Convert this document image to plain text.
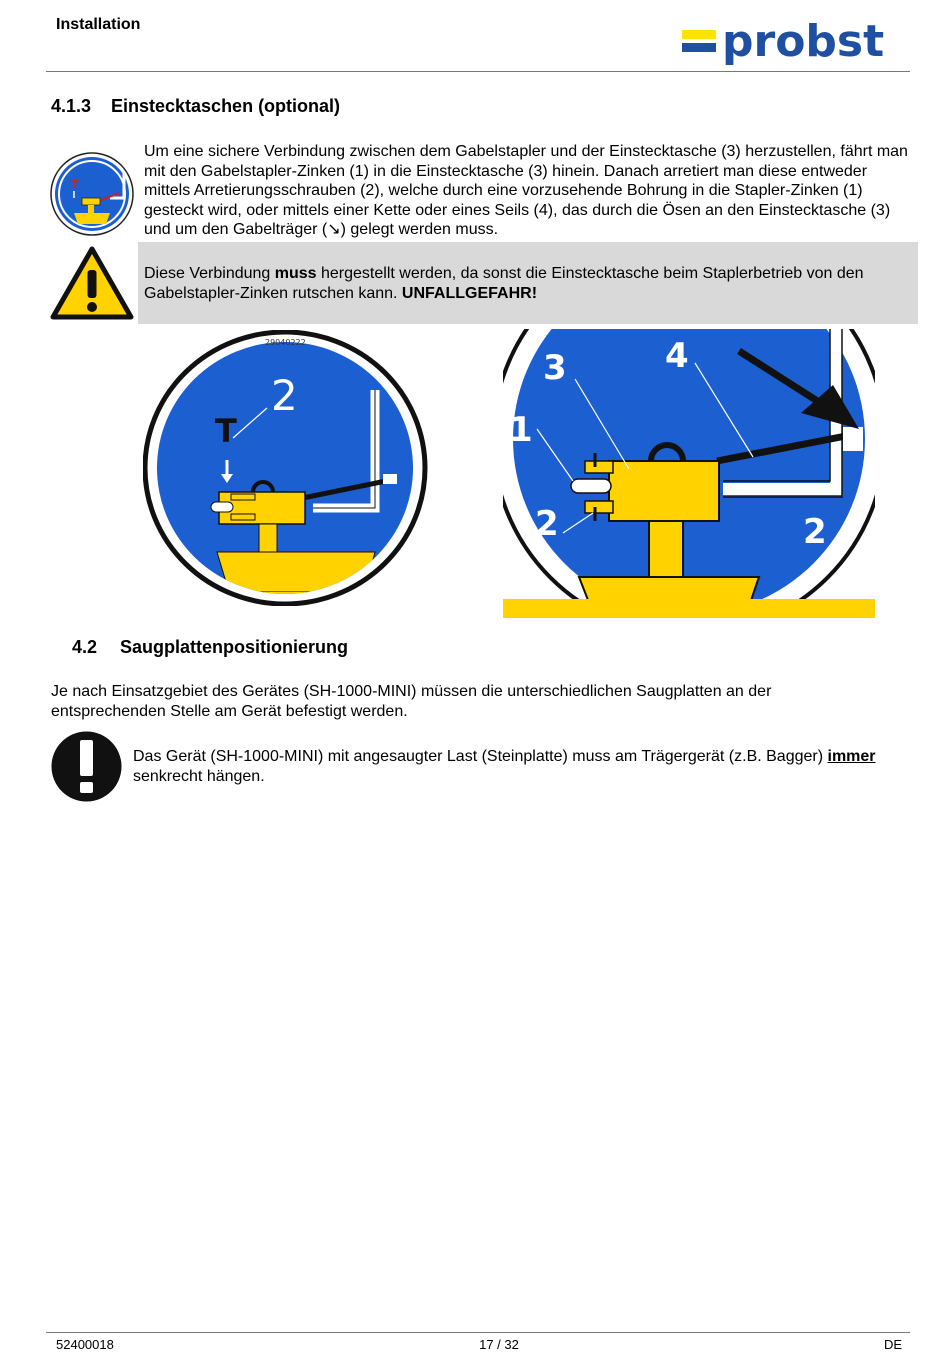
Installation	probst
4.1.3 Einstecktaschen (optional)
T
Um eine sichere Verbindung zwischen dem Gabelstapler und der Einstecktasche (3) herzustellen, fährt man mit den Gabelstapler-Zinken (1) in die Einstecktasche (3) hinein. Danach arretiert man diese entweder mittels Arretierungsschrauben (2), welche durch eine vorzusehende Bohrung in die Stapler-Zinken (1) gesteckt wird, oder mittels einer Kette oder eines Seils (4), das durch die Ösen an den Einstecktasche (3) und um den Gabelträger (↘) gelegt werden muss.
Diese Verbindung muss hergestellt werden, da sonst die Einstecktasche beim Staplerbetrieb von den Gabelstapler-Zinken rutschen kann. UNFALLGEFAHR!
29040222
2
T
3	4
1
2	2
4.2 Saugplattenpositionierung
Je nach Einsatzgebiet des Gerätes (SH-1000-MINI) müssen die unterschiedlichen Saugplatten an der entsprechenden Stelle am Gerät befestigt werden.
Das Gerät (SH-1000-MINI) mit angesaugter Last (Steinplatte) muss am Trägergerät (z.B. Bagger) immer senkrecht hängen.
52400018	17 / 32	DE
